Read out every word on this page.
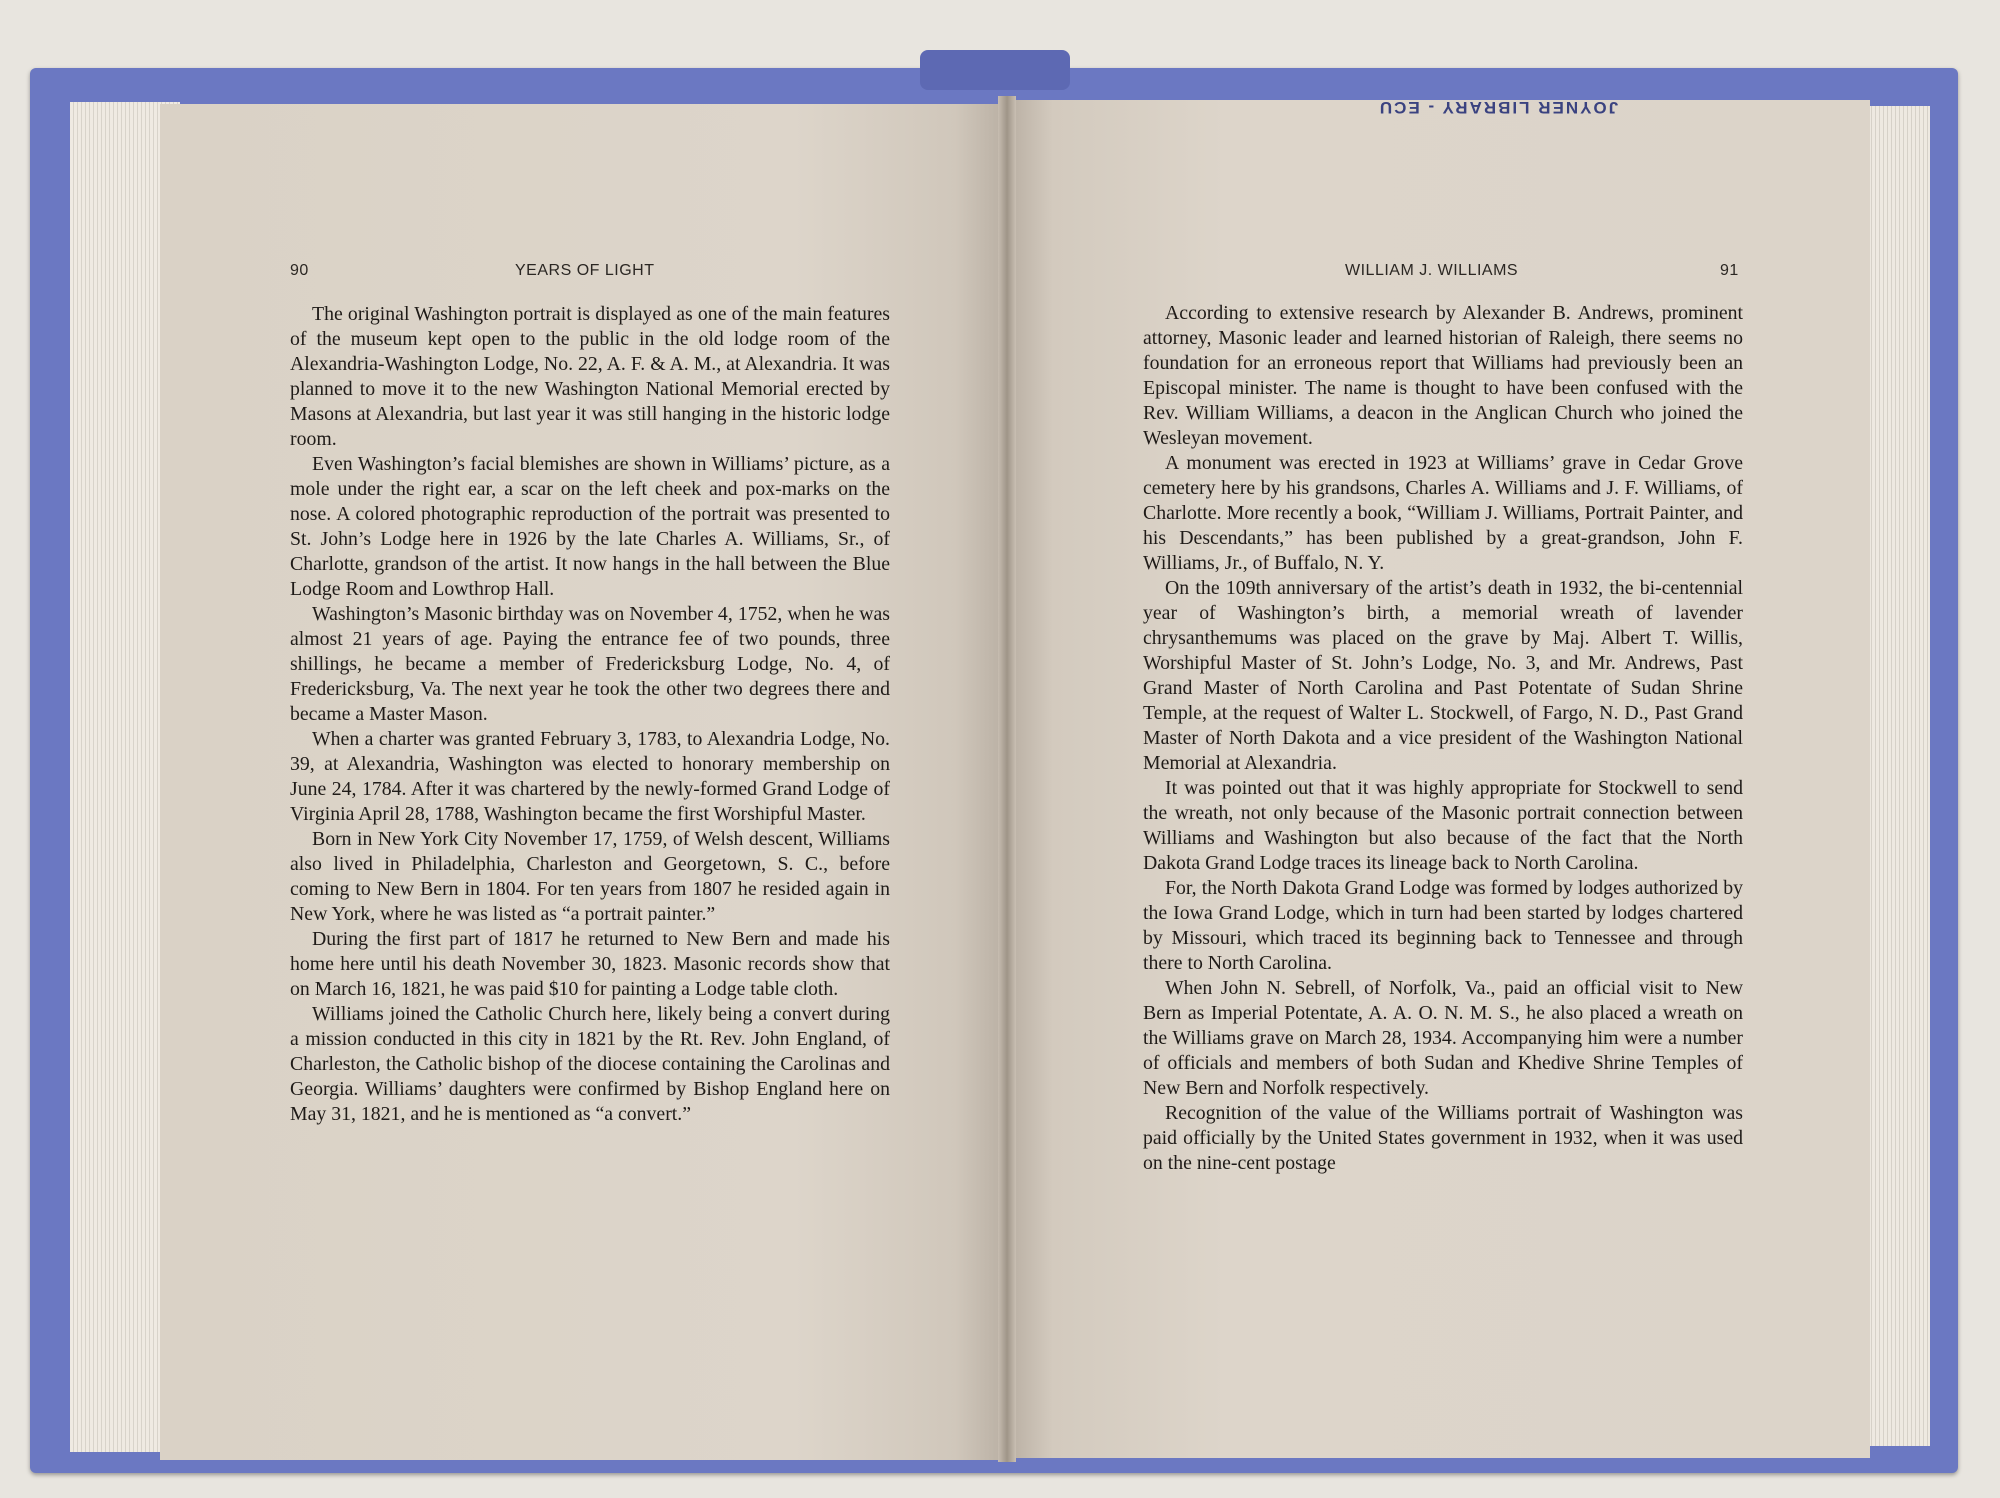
JOYNER LIBRARY - ECU
90	YEARS OF LIGHT	WILLIAM J. WILLIAMS	91

The original Washington portrait is displayed as one of the main features of the museum kept open to the public in the old lodge room of the Alexandria-Washington Lodge, No. 22, A. F. & A. M., at Alexandria. It was planned to move it to the new Washington National Memorial erected by Masons at Alexandria, but last year it was still hanging in the historic lodge room.

Even Washington’s facial blemishes are shown in Williams’ picture, as a mole under the right ear, a scar on the left cheek and pox-marks on the nose. A colored photographic reproduction of the portrait was presented to St. John’s Lodge here in 1926 by the late Charles A. Williams, Sr., of Charlotte, grandson of the artist. It now hangs in the hall between the Blue Lodge Room and Lowthrop Hall.

Washington’s Masonic birthday was on November 4, 1752, when he was almost 21 years of age. Paying the entrance fee of two pounds, three shillings, he became a member of Fredericksburg Lodge, No. 4, of Fredericksburg, Va. The next year he took the other two degrees there and became a Master Mason.

When a charter was granted February 3, 1783, to Alexandria Lodge, No. 39, at Alexandria, Washington was elected to honorary membership on June 24, 1784. After it was chartered by the newly-formed Grand Lodge of Virginia April 28, 1788, Washington became the first Worshipful Master.

Born in New York City November 17, 1759, of Welsh descent, Williams also lived in Philadelphia, Charleston and Georgetown, S. C., before coming to New Bern in 1804. For ten years from 1807 he resided again in New York, where he was listed as “a portrait painter.”

During the first part of 1817 he returned to New Bern and made his home here until his death November 30, 1823. Masonic records show that on March 16, 1821, he was paid $10 for painting a Lodge table cloth.

Williams joined the Catholic Church here, likely being a convert during a mission conducted in this city in 1821 by the Rt. Rev. John England, of Charleston, the Catholic bishop of the diocese containing the Carolinas and Georgia. Williams’ daughters were confirmed by Bishop England here on May 31, 1821, and he is mentioned as “a convert.”

According to extensive research by Alexander B. Andrews, prominent attorney, Masonic leader and learned historian of Raleigh, there seems no foundation for an erroneous report that Williams had previously been an Episcopal minister. The name is thought to have been confused with the Rev. William Williams, a deacon in the Anglican Church who joined the Wesleyan movement.

A monument was erected in 1923 at Williams’ grave in Cedar Grove cemetery here by his grandsons, Charles A. Williams and J. F. Williams, of Charlotte. More recently a book, “William J. Williams, Portrait Painter, and his Descendants,” has been published by a great-grandson, John F. Williams, Jr., of Buffalo, N. Y.

On the 109th anniversary of the artist’s death in 1932, the bi-centennial year of Washington’s birth, a memorial wreath of lavender chrysanthemums was placed on the grave by Maj. Albert T. Willis, Worshipful Master of St. John’s Lodge, No. 3, and Mr. Andrews, Past Grand Master of North Carolina and Past Potentate of Sudan Shrine Temple, at the request of Walter L. Stockwell, of Fargo, N. D., Past Grand Master of North Dakota and a vice president of the Washington National Memorial at Alexandria.

It was pointed out that it was highly appropriate for Stockwell to send the wreath, not only because of the Masonic portrait connection between Williams and Washington but also because of the fact that the North Dakota Grand Lodge traces its lineage back to North Carolina.

For, the North Dakota Grand Lodge was formed by lodges authorized by the Iowa Grand Lodge, which in turn had been started by lodges chartered by Missouri, which traced its beginning back to Tennessee and through there to North Carolina.

When John N. Sebrell, of Norfolk, Va., paid an official visit to New Bern as Imperial Potentate, A. A. O. N. M. S., he also placed a wreath on the Williams grave on March 28, 1934. Accompanying him were a number of officials and members of both Sudan and Khedive Shrine Temples of New Bern and Norfolk respectively.

Recognition of the value of the Williams portrait of Washington was paid officially by the United States government in 1932, when it was used on the nine-cent postage
